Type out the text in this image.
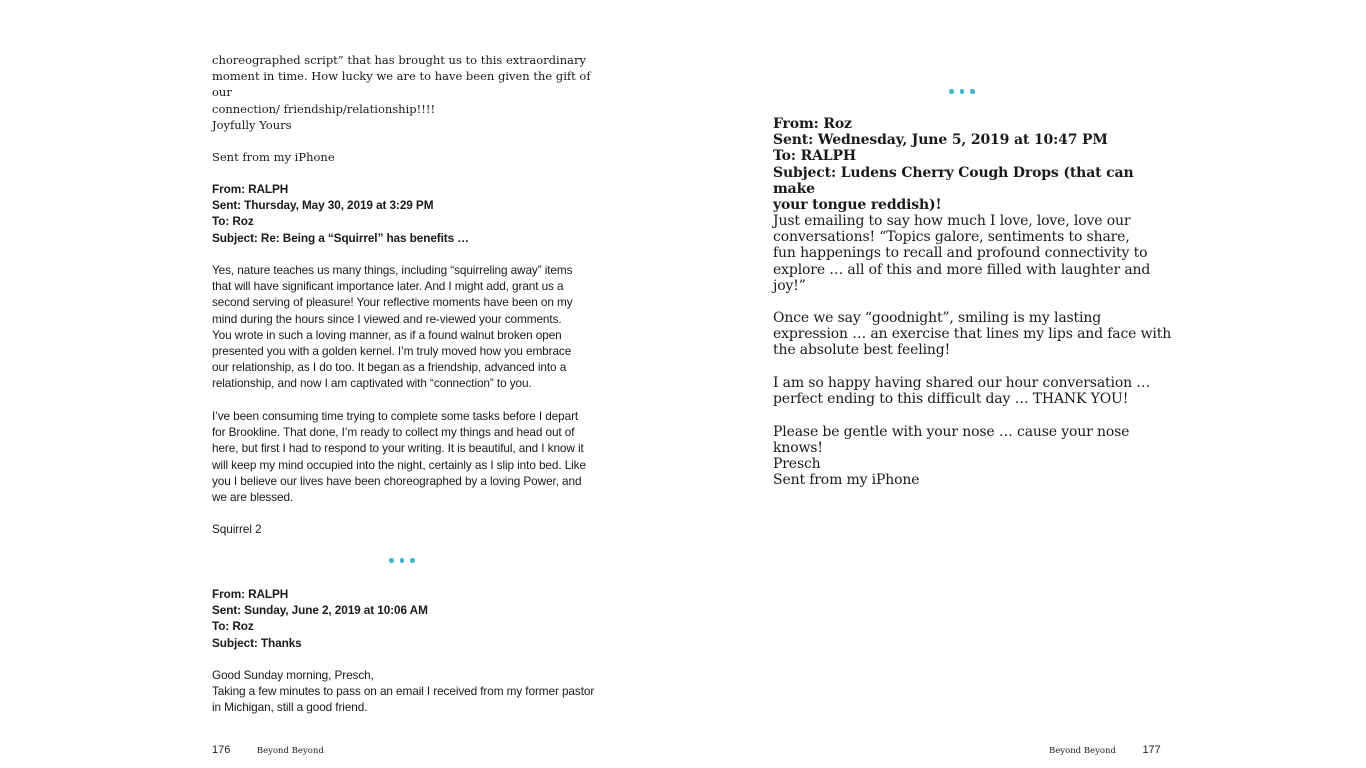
choreographed script” that has brought us to this extraordinary
moment in time. How lucky we are to have been given the gift of our
connection/ friendship/relationship!!!!

Joyfully Yours

Sent from my iPhone

From: RALPH

Sent: Thursday, May 30, 2019 at 3:29 PM

To: Roz

Subject: Re: Being a “Squirrel” has benefits …

Yes, nature teaches us many things, including “squirreling away” items
that will have significant importance later. And I might add, grant us a
second serving of pleasure! Your reflective moments have been on my
mind during the hours since I viewed and re-viewed your comments.
You wrote in such a loving manner, as if a found walnut broken open
presented you with a golden kernel. I’m truly moved how you embrace
our relationship, as I do too. It began as a friendship, advanced into a
relationship, and now I am captivated with “connection” to you.

I’ve been consuming time trying to complete some tasks before I depart
for Brookline. That done, I’m ready to collect my things and head out of
here, but first I had to respond to your writing. It is beautiful, and I know it
will keep my mind occupied into the night, certainly as I slip into bed. Like
you I believe our lives have been choreographed by a loving Power, and
we are blessed.

Squirrel 2

From: RALPH

Sent: Sunday, June 2, 2019 at 10:06 AM

To: Roz

Subject: Thanks

Good Sunday morning, Presch,
Taking a few minutes to pass on an email I received from my former pastor
in Michigan, still a good friend.

176	Beyond Beyond

From: Roz

Sent: Wednesday, June 5, 2019 at 10:47 PM

To: RALPH

Subject: Ludens Cherry Cough Drops (that can make
your tongue reddish)!

Just emailing to say how much I love, love, love our
conversations! “Topics galore, sentiments to share,
fun happenings to recall and profound connectivity to
explore … all of this and more filled with laughter and
joy!”

Once we say “goodnight”, smiling is my lasting
expression … an exercise that lines my lips and face with
the absolute best feeling!

I am so happy having shared our hour conversation …
perfect ending to this difficult day … THANK YOU!

Please be gentle with your nose … cause your nose knows!
Presch

Sent from my iPhone

Beyond Beyond 177
